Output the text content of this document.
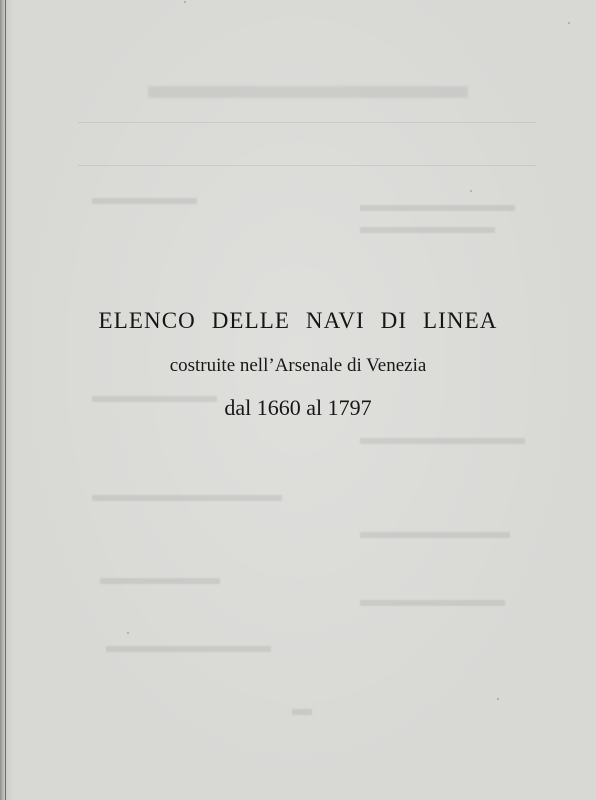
ELENCO DELLE NAVI DI LINEA
costruite nell’Arsenale di Venezia
dal 1660 al 1797
